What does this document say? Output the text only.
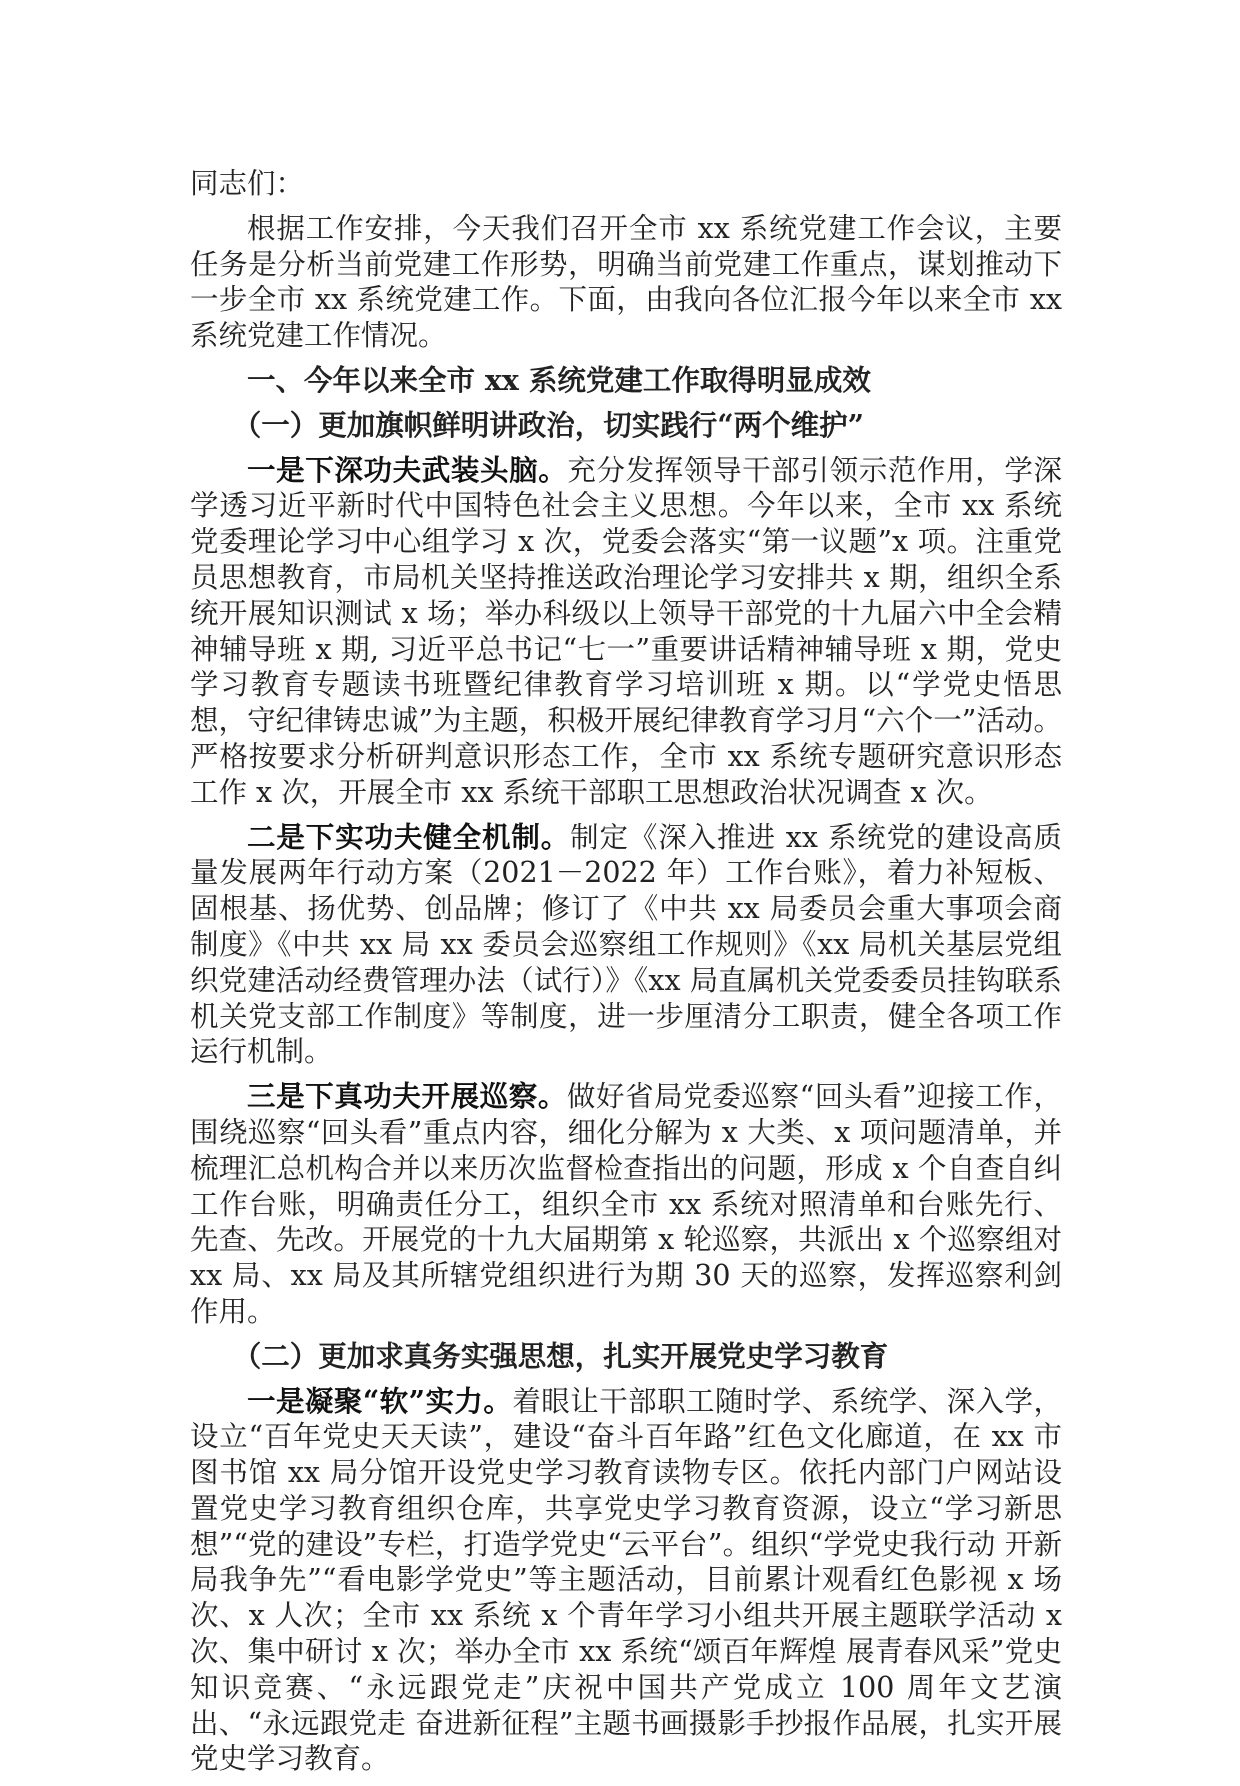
同志们：

根据工作安排，今天我们召开全市 xx 系统党建工作会议，主要任务是分析当前党建工作形势，明确当前党建工作重点，谋划推动下一步全市 xx 系统党建工作。下面，由我向各位汇报今年以来全市 xx 系统党建工作情况。

一、今年以来全市 xx 系统党建工作取得明显成效

（一）更加旗帜鲜明讲政治，切实践行“两个维护”

一是下深功夫武装头脑。充分发挥领导干部引领示范作用，学深学透习近平新时代中国特色社会主义思想。今年以来，全市 xx 系统党委理论学习中心组学习 x 次，党委会落实“第一议题”x 项。注重党员思想教育，市局机关坚持推送政治理论学习安排共 x 期，组织全系统开展知识测试 x 场；举办科级以上领导干部党的十九届六中全会精神辅导班 x 期, 习近平总书记“七一”重要讲话精神辅导班 x 期，党史学习教育专题读书班暨纪律教育学习培训班 x 期。以“学党史悟思想，守纪律铸忠诚”为主题，积极开展纪律教育学习月“六个一”活动。严格按要求分析研判意识形态工作，全市 xx 系统专题研究意识形态工作 x 次，开展全市 xx 系统干部职工思想政治状况调查 x 次。

二是下实功夫健全机制。制定《深入推进 xx 系统党的建设高质量发展两年行动方案（2021－2022 年）工作台账》，着力补短板、固根基、扬优势、创品牌；修订了《中共 xx 局委员会重大事项会商制度》《中共 xx 局 xx 委员会巡察组工作规则》《xx 局机关基层党组织党建活动经费管理办法（试行）》《xx 局直属机关党委委员挂钩联系机关党支部工作制度》等制度，进一步厘清分工职责，健全各项工作运行机制。

三是下真功夫开展巡察。做好省局党委巡察“回头看”迎接工作，围绕巡察“回头看”重点内容，细化分解为 x 大类、x 项问题清单，并梳理汇总机构合并以来历次监督检查指出的问题，形成 x 个自查自纠工作台账，明确责任分工，组织全市 xx 系统对照清单和台账先行、先查、先改。开展党的十九大届期第 x 轮巡察，共派出 x 个巡察组对 xx 局、xx 局及其所辖党组织进行为期 30 天的巡察，发挥巡察利剑作用。

（二）更加求真务实强思想，扎实开展党史学习教育

一是凝聚“软”实力。着眼让干部职工随时学、系统学、深入学，设立“百年党史天天读”，建设“奋斗百年路”红色文化廊道，在 xx 市图书馆 xx 局分馆开设党史学习教育读物专区。依托内部门户网站设置党史学习教育组织仓库，共享党史学习教育资源，设立“学习新思想”“党的建设”专栏，打造学党史“云平台”。组织“学党史我行动 开新局我争先”“看电影学党史”等主题活动，目前累计观看红色影视 x 场次、x 人次；全市 xx 系统 x 个青年学习小组共开展主题联学活动 x 次、集中研讨 x 次；举办全市 xx 系统“颂百年辉煌 展青春风采”党史知识竞赛、“永远跟党走”庆祝中国共产党成立 100 周年文艺演出、“永远跟党走 奋进新征程”主题书画摄影手抄报作品展，扎实开展党史学习教育。
